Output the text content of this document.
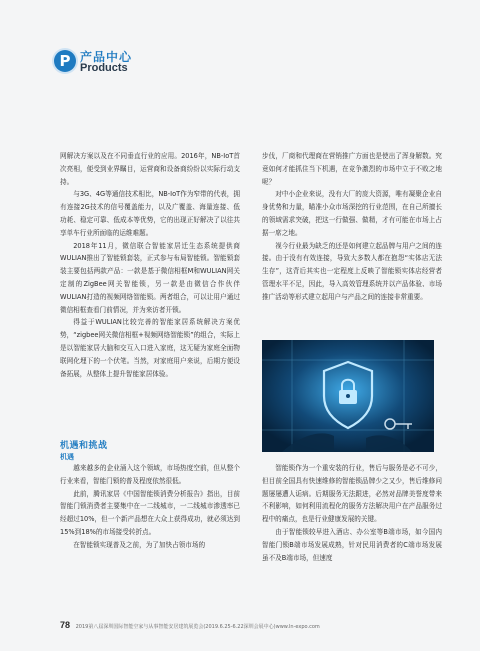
P 产品中心
Products

网解决方案以及在不同垂直行业的应用。2016年，NB-IoT首次亮相，便受到业界瞩目，运营商和设备商纷纷以实际行动支持。

与3G、4G等通信技术相比，NB-IoT作为窄带的代表，拥有连接2G技术的信号覆盖能力，以及广覆盖、海量连接、低功耗、稳定可靠、低成本等优势，它的出现正好解决了以往共享单车行业所面临的运维难题。

2018年11月，微信联合智能家居迁生态系统提供商WULIAN推出了智能锁套装，正式参与布局智能锁。智能锁套装主要包括两款产品：一款是基于微信相框M和WULIAN网关定制的ZigBee网关智能锁，另一款是由微信合作伙伴WULIAN打造的视频网络智能锁。两者组合，可以让用户通过微信相框查看门前情况，并为来访者开锁。

得益于WULIAN比较完善的智能家居系统解决方案优势，“zigbee网关微信相框+视频网络智能锁”的组合，实际上是以智能家居大脑和交互入口进入家庭，这无疑为家庭全面物联网化埋下的一个伏笔。当然，对家庭用户来说，后期方便设备拓展，从整体上提升智能家居体验。

步伐，厂商和代理商在营销推广方面也是使出了浑身解数。究竟如何才能抓住当下机遇，在竞争激烈的市场中立于不败之地呢？

对中小企业来说，没有大厂的庞大资源，唯有凝聚企业自身优势和力量，瞄准小众市场深挖的行业范围，在自己所擅长的领域需求突破，把这一行做强、做精，才有可能在市场上占据一席之地。

视今行业最为缺乏的还是如何建立起品牌与用户之间的连接。由于没有有效连接，导致大多数人都在抱怨“实体店无法生存”，这背后其实也一定程度上反映了智能锁实体店经营者管理水平不足，因此，导入高效管理系统并以产品体验、市场推广活动等形式建立起用户与产品之间的连接非常重要。

机遇和挑战
机遇

越来越多的企业涌入这个领域，市场热度空前，但从整个行业来看，智能门锁的普及程度依然很低。

此前，腾讯家居《中国智能锁消费分析报告》指出，目前智能门锁消费者主要集中在一二线城市，一二线城市渗透率已经超过10%，但一个新产品想在大众上获得成功，就必须达到15%到18%的市场接受转折点。

在智能锁实现普及之前，为了加快占领市场的

智能锁作为一个重安装的行业，售后与服务是必不可少，但目前全国具有快速维修的智能锁品牌少之又少，售后维修问题屡屡遭人诟病。后期服务无法跟进，必然对品牌美誉度带来不利影响，如何利用流程化的服务方法解决用户在产品服务过程中的痛点，也是行业健康发展的关键。

由于智能锁较早进入酒店、办公室等B端市场，如今国内智能门锁B端市场发展成熟，针对民用消费者的C端市场发展虽不及B端市场，但速度

78 2019第八届深圳国际智能空家与从事智能安居建筑展览会(2019.6.25-6.22深圳会展中心)www.ln-expo.com
